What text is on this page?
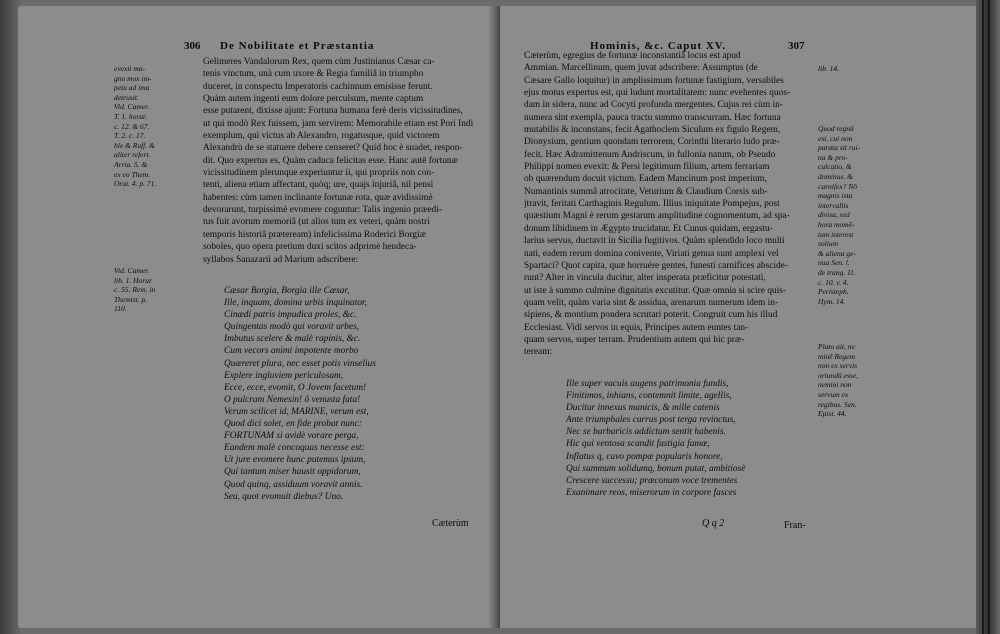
306 De Nobilitate et Præstantia
evexit ma-
gno mox im-
petu ad ima
detrusit.
Vid. Camer.
T. 1. horar.
c. 12. & 67.
T. 2. c. 17.
ble & Ruff. &
aliter refert.
Arria. 5. &
ex eo Them.
Orat. 4. p. 71.
Vid. Camer.
lib. 1. Horar.
c. 55. Rem. in
Themist. p.
110.
Gelimeres Vandalorum Rex, quem cùm Justinianus Cæsar ca-
tenis vinctum, unà cum uxore & Regia familiâ in triumpho
duceret, in conspectu Imperatoris cachinnum emisisse ferunt.
Quàm autem ingenti eum dolore perculsum, mente captum
esse putarent, dixisse ajunt: Fortuna humana ferè deris vicissitudines,
ut qui modò Rex fuissem, jam servirem: Memorabile etiam est Pori Indi
exemplum, qui victus ab Alexandro, rogatusque, quid victorem
Alexandrù de se statuere debere censeret? Quid hoc è suadet, respon-
dit. Quo expertus es, Quàm caduca felicitas esse. Hanc autē fortunæ
vicissitudinem plerunque experiuntur ii, qui propriis non con-
tenti, aliena etiam affectant, quòq; ure, quajs injuriâ, nil pensi
habentes: cùm tamen inclinante fortunæ rota, quæ avidissimè
devorarunt, turpissimè evomere coguntur: Talis ingenio præedi-
tus fuit avorum memoriâ (ut alios tum ex veteri, quàm nostri
temporis historiâ præteream) infelicissima Roderici Borgiæ
soboles, quo opera pretium duxi scitos adprimè hendeca-
syllabos Sanazarii ad Marium adscribere:
Cæsar Borgia, Borgia ille Cæsar,
Ille, inquam, domina urbis inquinator,
Cinædi patris impudica proles, &c.
Quingentas modò qui voravit urbes,
Imbutus scelere & malè rapinis, &c.
Cum vecors animi impotente morbo
Quæreret plura, nec esset potis vinselius
Explere ingluviem periculosam,
Ecce, ecce, evomit, O Jovem facetum!
O pulcram Nemesin! ô venusta fata!
Verum scilicet id, MARINE, verum est,
Quod dici solet, en fide probat nunc:
FORTUNAM si avidè vorare perga,
Eandem malè concoquas necesse est:
Ut jure evomere hunc putemus ipsum,
Qui tantum miser hausit oppidorum,
Quod quinq, assiduum voravit annis.
Seu, quot evomuit diebus? Uno.
Cæterùm
Hominis, &c. Caput XV.	307
Cæterùm, egregius de fortunæ inconstantiâ locus est apud
Ammian. Marcellinum, quem juvat adscribere: Assumptus (de
Cæsare Gallo loquitur) in amplissimum fortunæ fastigium, versabiles
ejus motus expertus est, qui ludunt mortalitatem: nunc evehentes quos-
dam in sidera, nunc ad Cocyti profunda mergentes. Cujus rei cùm in-
numera sint exempla, pauca tractu summo transcurram. Hæc fortuna
mutabilis & inconstans, fecit Agathoclem Siculum ex figulo Regem,
Dionysium, gentium quondam terrorem, Corinthi literario ludo præ-
fecit. Hæc Adramittenum Andriscum, in fullonia natum, ob Pseudo
Philippi nomen evexit: & Persi legitimum filium, artem ferrariam
ob quærendum docuit victum. Eadem Mancinum post imperium,
Numantinis summâ atrocitate, Veturium & Claudium Corsis sub-
jtravit, feritati Carthaginis Regulum. Illius iniquitate Pompejus, post
quæstium Magni è rerum gestarum amplitudine cognomentum, ad spa-
donum libidinem in Ægypto trucidatur. Et Cunus quidam, ergastu-
larius servus, ductavit in Sicilia fugitivos. Quàm splendido loco multi
nati, eadem rerum domina conivente, Viriati genua sunt amplexi vel
Spartaci? Quot capita, quæ horruére gentes, funesti carnifices abscide-
runt? Alter in vincula ducitur, alter insperata præficitur potestati,
ut iste à summo culmine dignitatis excutitur. Quæ omnia si scire quis-
quam velit, quàm varia sint & assidua, arenarum numerum idem in-
sipiens, & montium pondera scrutari poterit. Congruit cum his illud
Ecclesiast. Vidi servos in equis, Principes autem euntes tan-
quam servos, super terram. Prudentium autem qui hic præ-
teream:
lib. 14.
Quod regnū
est, cui non
parata sit rui-
na & pro-
culcatio, &
dominus. &
carnifex? Nō
magnis ista
intervallis
divisa, sed
hora momē-
tum interest
solium
& aliena ge-
nua Sen. l.
de tranq. 11.
c. 10. v. 4.
Peristeph.
Hym. 14.
Plato ait, ne
minē Regem
non ex servis
oriundū esse,
nemini non
servum ex
regibus. Sen.
Epist. 44.
Ille super vacuis augens patrimonia fundis,
Finitimos, inhians, contemnit limite, agellis,
Ducitur innexus manicis, & mille catenis
Ante triumphales currus post terga revinctus,
Nec se barbaricis addictum sentit habenis.
Hic qui ventosa scandit fastigia famæ,
Inflatus q, cavo pompæ popularis honore,
Qui summum solidumq, bonum putat, ambitiosè
Crescere successu; præconum voce trementes
Exanimare reos, miserorum in corpore fasces
Q q 2	Fran-
